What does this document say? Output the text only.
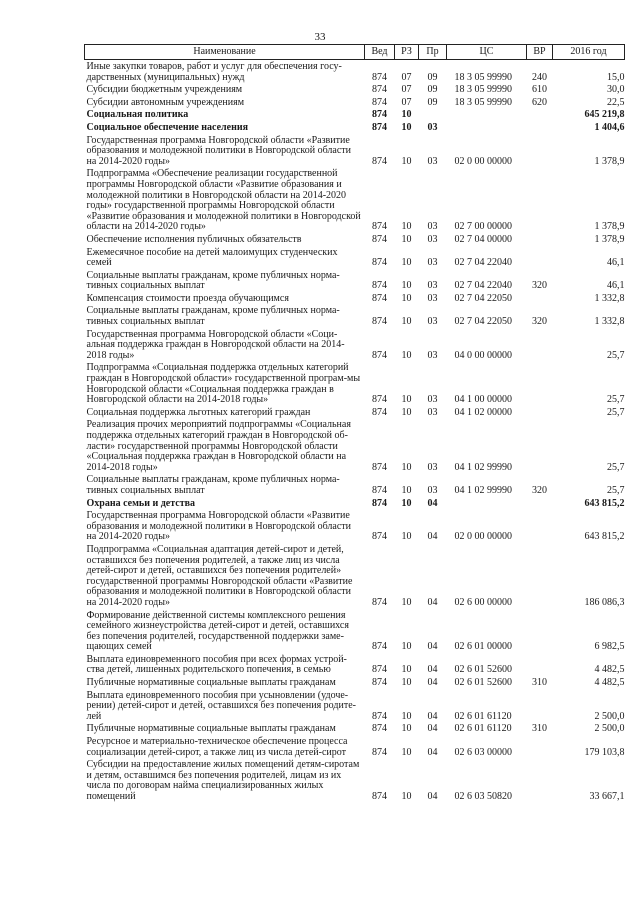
33
Наименование	Вед	РЗ	Пр	ЦС	ВР	2016 год
Иные закупки товаров, работ и услуг для обеспечения госу-дарственных (муниципальных) нужд	874	07	09	18 3 05 99990	240	15,0
Субсидии бюджетным учреждениям	874	07	09	18 3 05 99990	610	30,0
Субсидии автономным учреждениям	874	07	09	18 3 05 99990	620	22,5
Социальная политика	874	10				645 219,8
Социальное обеспечение населения	874	10	03			1 404,6
Государственная программа Новгородской области «Развитие образования и молодежной политики в Новгородской области на 2014-2020 годы»	874	10	03	02 0 00 00000		1 378,9
Подпрограмма «Обеспечение реализации государственной программы Новгородской области «Развитие образования и молодежной политики в Новгородской области на 2014-2020 годы» государственной программы Новгородской области «Развитие образования и молодежной политики в Новгородской области на 2014-2020 годы»	874	10	03	02 7 00 00000		1 378,9
Обеспечение исполнения публичных обязательств	874	10	03	02 7 04 00000		1 378,9
Ежемесячное пособие на детей малоимущих студенческих семей	874	10	03	02 7 04 22040		46,1
Социальные выплаты гражданам, кроме публичных норма-тивных социальных выплат	874	10	03	02 7 04 22040	320	46,1
Компенсация стоимости проезда обучающимся	874	10	03	02 7 04 22050		1 332,8
Социальные выплаты гражданам, кроме публичных норма-тивных социальных выплат	874	10	03	02 7 04 22050	320	1 332,8
Государственная программа Новгородской области «Соци-альная поддержка граждан в Новгородской области на 2014-2018 годы»	874	10	03	04 0 00 00000		25,7
Подпрограмма «Социальная поддержка отдельных категорий граждан в Новгородской области» государственной програм-мы Новгородской области «Социальная поддержка граждан в Новгородской области на 2014-2018 годы»	874	10	03	04 1 00 00000		25,7
Социальная поддержка льготных категорий граждан	874	10	03	04 1 02 00000		25,7
Реализация прочих мероприятий подпрограммы «Социальная поддержка отдельных категорий граждан в Новгородской об-ласти» государственной программы Новгородской области «Социальная поддержка граждан в Новгородской области на 2014-2018 годы»	874	10	03	04 1 02 99990		25,7
Социальные выплаты гражданам, кроме публичных норма-тивных социальных выплат	874	10	03	04 1 02 99990	320	25,7
Охрана семьи и детства	874	10	04			643 815,2
Государственная программа Новгородской области «Развитие образования и молодежной политики в Новгородской области на 2014-2020 годы»	874	10	04	02 0 00 00000		643 815,2
Подпрограмма «Социальная адаптация детей-сирот и детей, оставшихся без попечения родителей, а также лиц из числа детей-сирот и детей, оставшихся без попечения родителей» государственной программы Новгородской области «Развитие образования и молодежной политики в Новгородской области на 2014-2020 годы»	874	10	04	02 6 00 00000		186 086,3
Формирование действенной системы комплексного решения семейного жизнеустройства детей-сирот и детей, оставшихся без попечения родителей, государственной поддержки заме-щающих семей	874	10	04	02 6 01 00000		6 982,5
Выплата единовременного пособия при всех формах устрой-ства детей, лишенных родительского попечения, в семью	874	10	04	02 6 01 52600		4 482,5
Публичные нормативные социальные выплаты гражданам	874	10	04	02 6 01 52600	310	4 482,5
Выплата единовременного пособия при усыновлении (удоче-рении) детей-сирот и детей, оставшихся без попечения родите-лей	874	10	04	02 6 01 61120		2 500,0
Публичные нормативные социальные выплаты гражданам	874	10	04	02 6 01 61120	310	2 500,0
Ресурсное и материально-техническое обеспечение процесса социализации детей-сирот, а также лиц из числа детей-сирот	874	10	04	02 6 03 00000		179 103,8
Субсидии на предоставление жилых помещений детям-сиротам и детям, оставшимся без попечения родителей, лицам из их числа по договорам найма специализированных жилых помещений	874	10	04	02 6 03 50820		33 667,1
